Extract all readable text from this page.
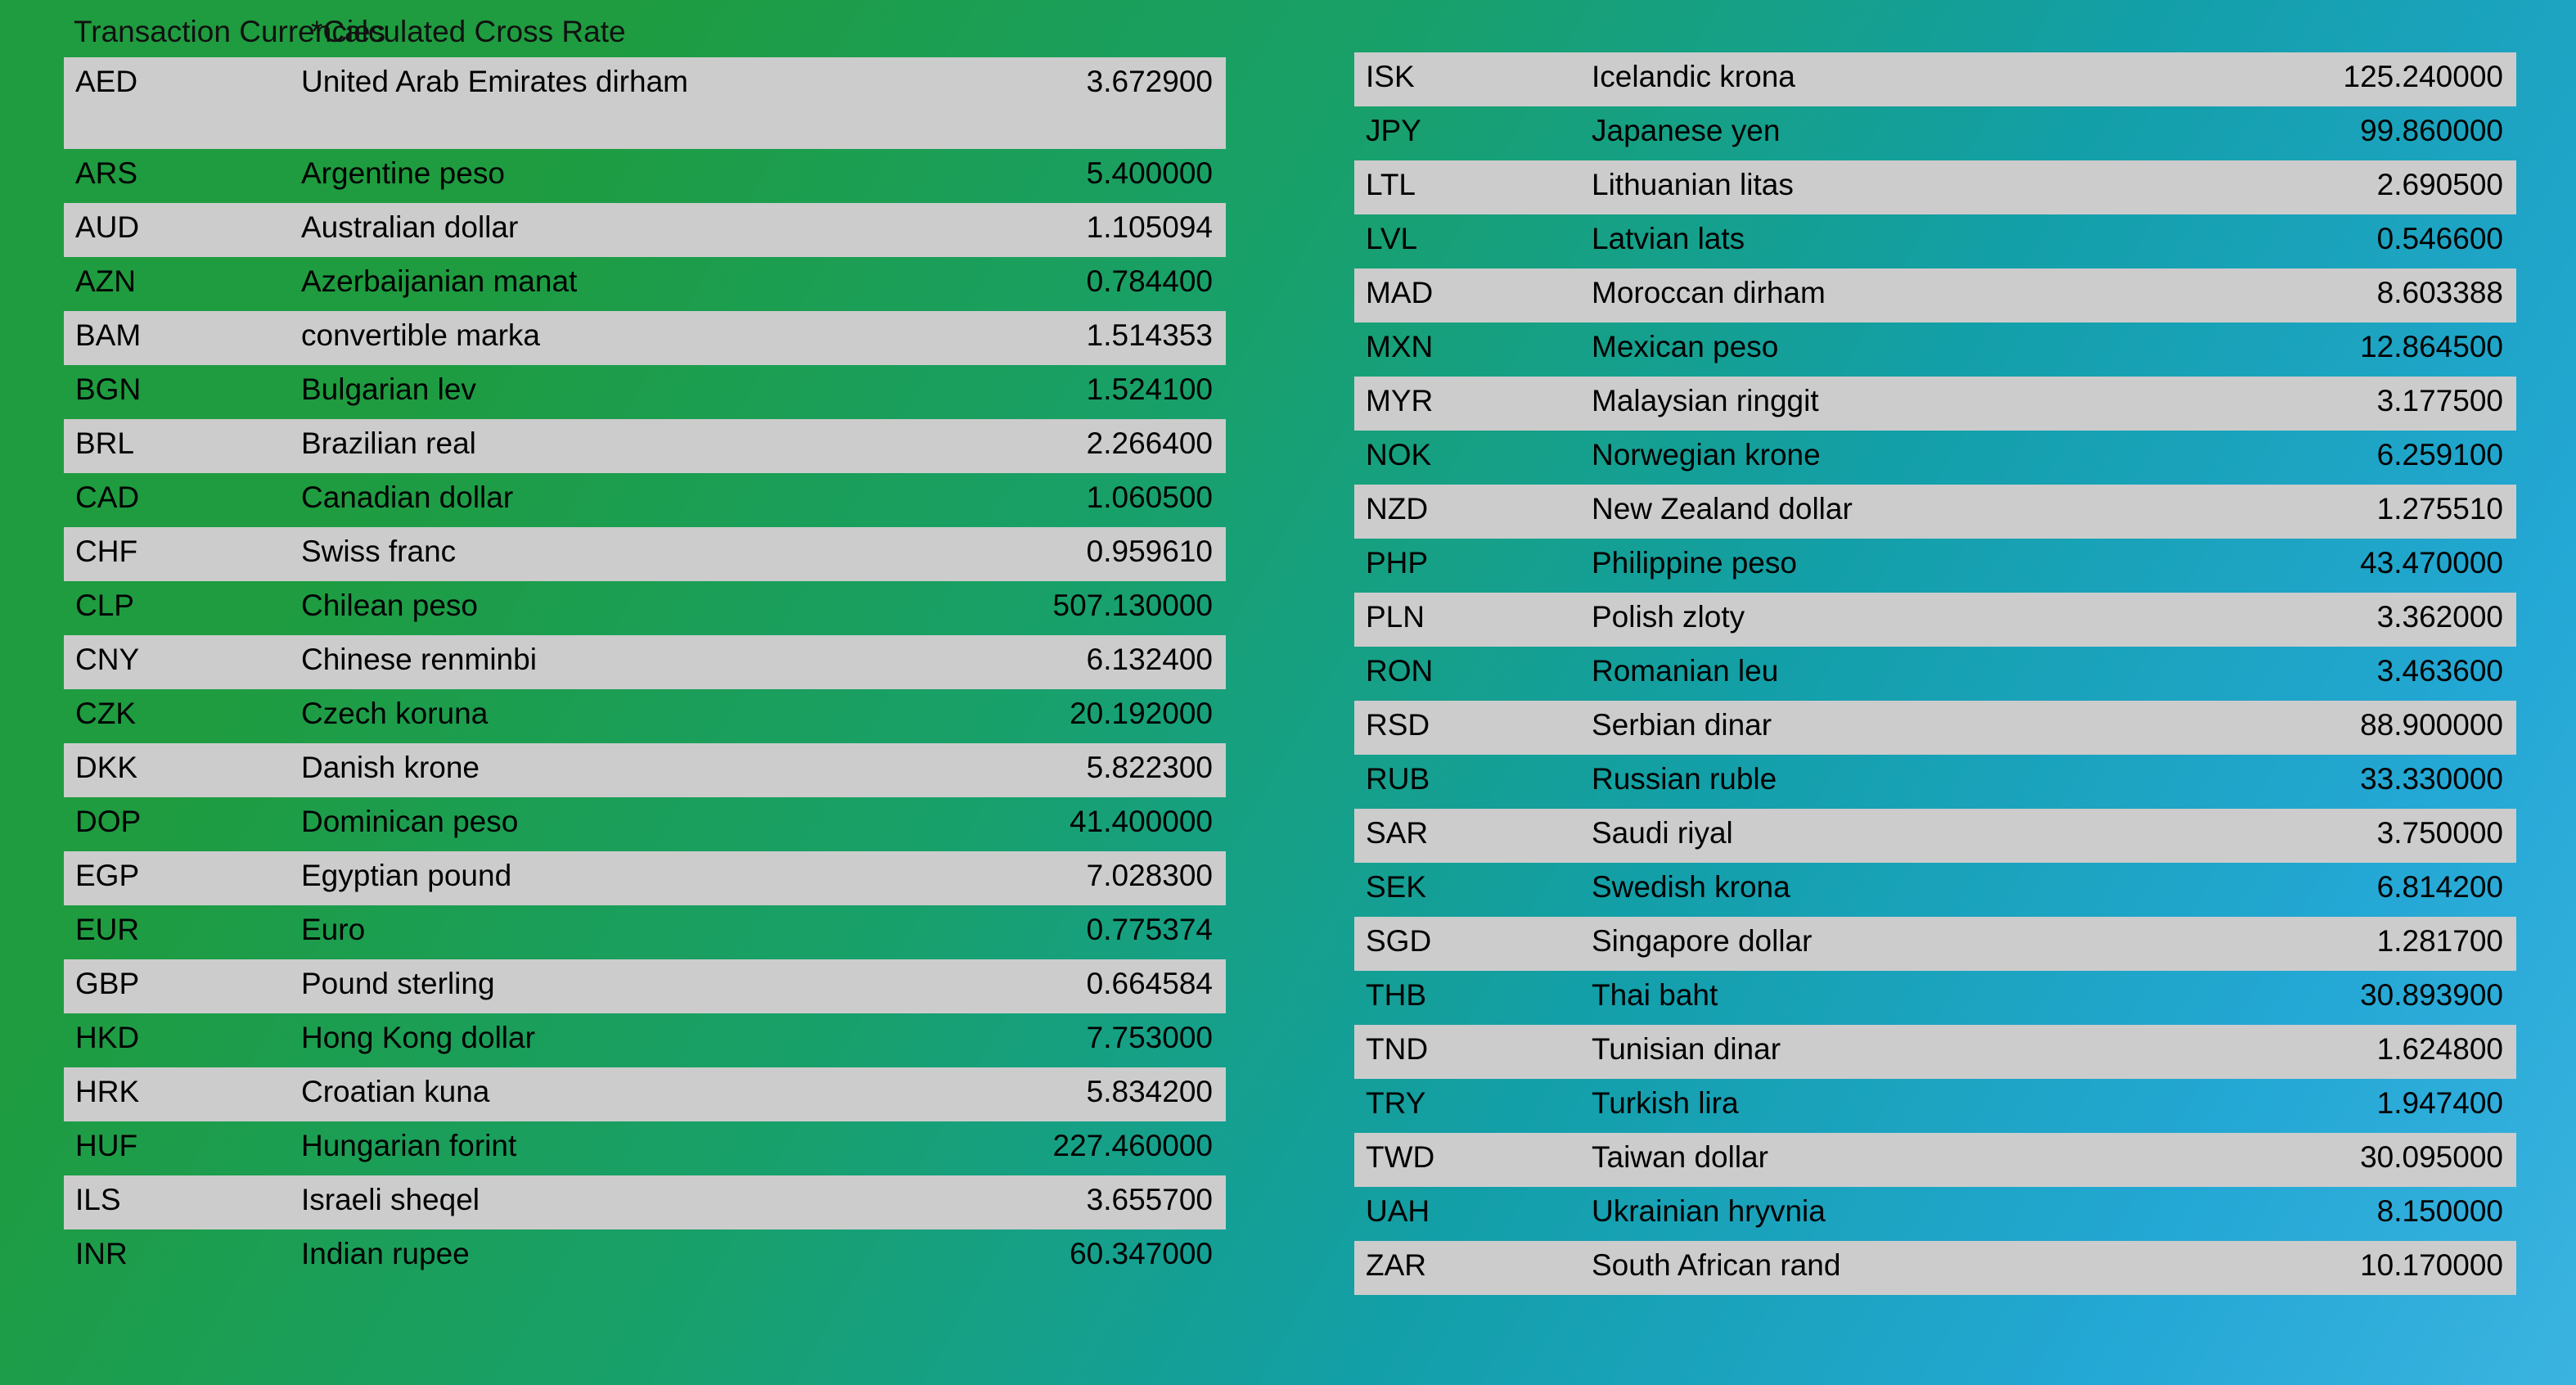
Transaction Currencies
*Calculated Cross Rate
AED	United Arab Emirates dirham	3.672900
ARS	Argentine peso	5.400000
AUD	Australian dollar	1.105094
AZN	Azerbaijanian manat	0.784400
BAM	convertible marka	1.514353
BGN	Bulgarian lev	1.524100
BRL	Brazilian real	2.266400
CAD	Canadian dollar	1.060500
CHF	Swiss franc	0.959610
CLP	Chilean peso	507.130000
CNY	Chinese renminbi	6.132400
CZK	Czech koruna	20.192000
DKK	Danish krone	5.822300
DOP	Dominican peso	41.400000
EGP	Egyptian pound	7.028300
EUR	Euro	0.775374
GBP	Pound sterling	0.664584
HKD	Hong Kong dollar	7.753000
HRK	Croatian kuna	5.834200
HUF	Hungarian forint	227.460000
ILS	Israeli sheqel	3.655700
INR	Indian rupee	60.347000
ISK	Icelandic krona	125.240000
JPY	Japanese yen	99.860000
LTL	Lithuanian litas	2.690500
LVL	Latvian lats	0.546600
MAD	Moroccan dirham	8.603388
MXN	Mexican peso	12.864500
MYR	Malaysian ringgit	3.177500
NOK	Norwegian krone	6.259100
NZD	New Zealand dollar	1.275510
PHP	Philippine peso	43.470000
PLN	Polish zloty	3.362000
RON	Romanian leu	3.463600
RSD	Serbian dinar	88.900000
RUB	Russian ruble	33.330000
SAR	Saudi riyal	3.750000
SEK	Swedish krona	6.814200
SGD	Singapore dollar	1.281700
THB	Thai baht	30.893900
TND	Tunisian dinar	1.624800
TRY	Turkish lira	1.947400
TWD	Taiwan dollar	30.095000
UAH	Ukrainian hryvnia	8.150000
ZAR	South African rand	10.170000
